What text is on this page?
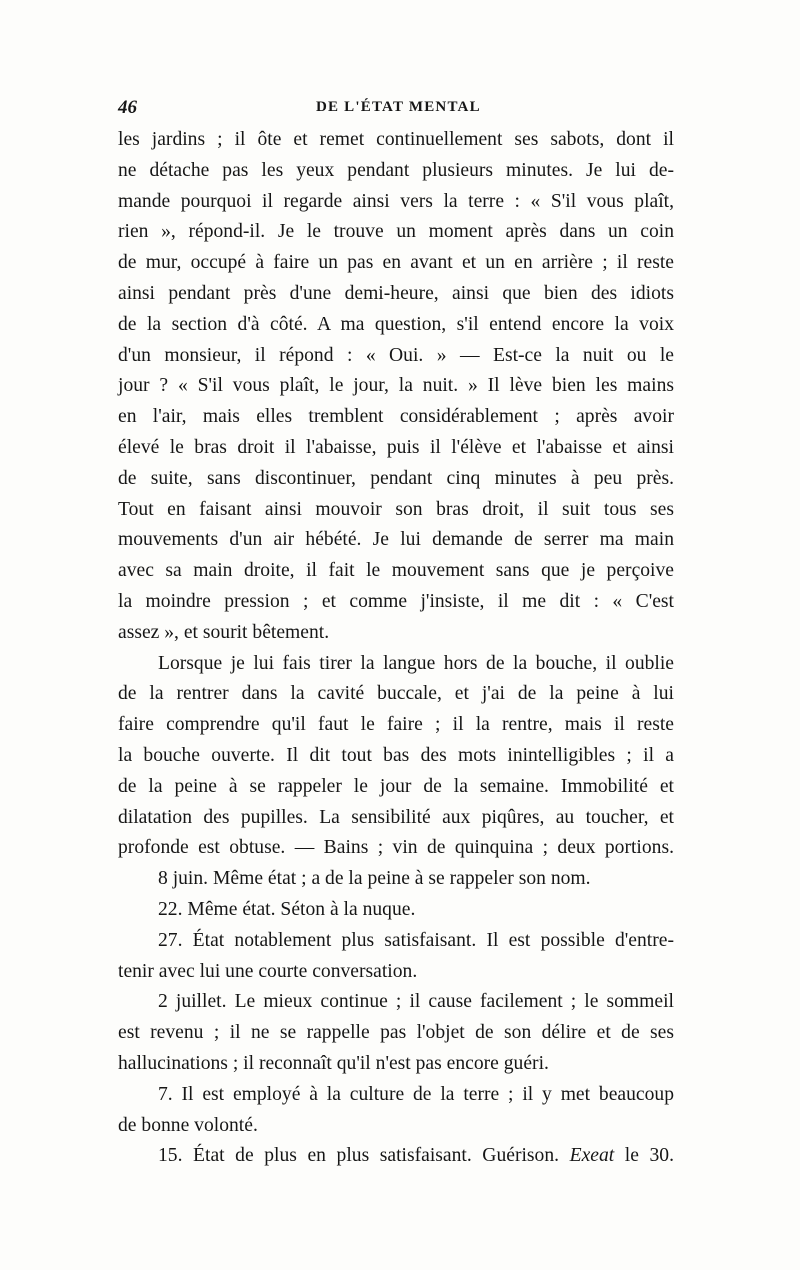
46	DE L'ÉTAT MENTAL
les jardins ; il ôte et remet continuellement ses sabots, dont il
ne détache pas les yeux pendant plusieurs minutes. Je lui de-
mande pourquoi il regarde ainsi vers la terre : « S'il vous plaît,
rien », répond-il. Je le trouve un moment après dans un coin
de mur, occupé à faire un pas en avant et un en arrière ; il reste
ainsi pendant près d'une demi-heure, ainsi que bien des idiots
de la section d'à côté. A ma question, s'il entend encore la voix
d'un monsieur, il répond : « Oui. » — Est-ce la nuit ou le
jour ? « S'il vous plaît, le jour, la nuit. » Il lève bien les mains
en l'air, mais elles tremblent considérablement ; après avoir
élevé le bras droit il l'abaisse, puis il l'élève et l'abaisse et ainsi
de suite, sans discontinuer, pendant cinq minutes à peu près.
Tout en faisant ainsi mouvoir son bras droit, il suit tous ses
mouvements d'un air hébété. Je lui demande de serrer ma main
avec sa main droite, il fait le mouvement sans que je perçoive
la moindre pression ; et comme j'insiste, il me dit : « C'est
assez », et sourit bêtement.
Lorsque je lui fais tirer la langue hors de la bouche, il oublie
de la rentrer dans la cavité buccale, et j'ai de la peine à lui
faire comprendre qu'il faut le faire ; il la rentre, mais il reste
la bouche ouverte. Il dit tout bas des mots inintelligibles ; il a
de la peine à se rappeler le jour de la semaine. Immobilité et
dilatation des pupilles. La sensibilité aux piqûres, au toucher, et
profonde est obtuse. — Bains ; vin de quinquina ; deux portions.
8 juin. Même état ; a de la peine à se rappeler son nom.
22. Même état. Séton à la nuque.
27. État notablement plus satisfaisant. Il est possible d'entre-
tenir avec lui une courte conversation.
2 juillet. Le mieux continue ; il cause facilement ; le sommeil
est revenu ; il ne se rappelle pas l'objet de son délire et de ses
hallucinations ; il reconnaît qu'il n'est pas encore guéri.
7. Il est employé à la culture de la terre ; il y met beaucoup
de bonne volonté.
15. État de plus en plus satisfaisant. Guérison. Exeat le 30.
